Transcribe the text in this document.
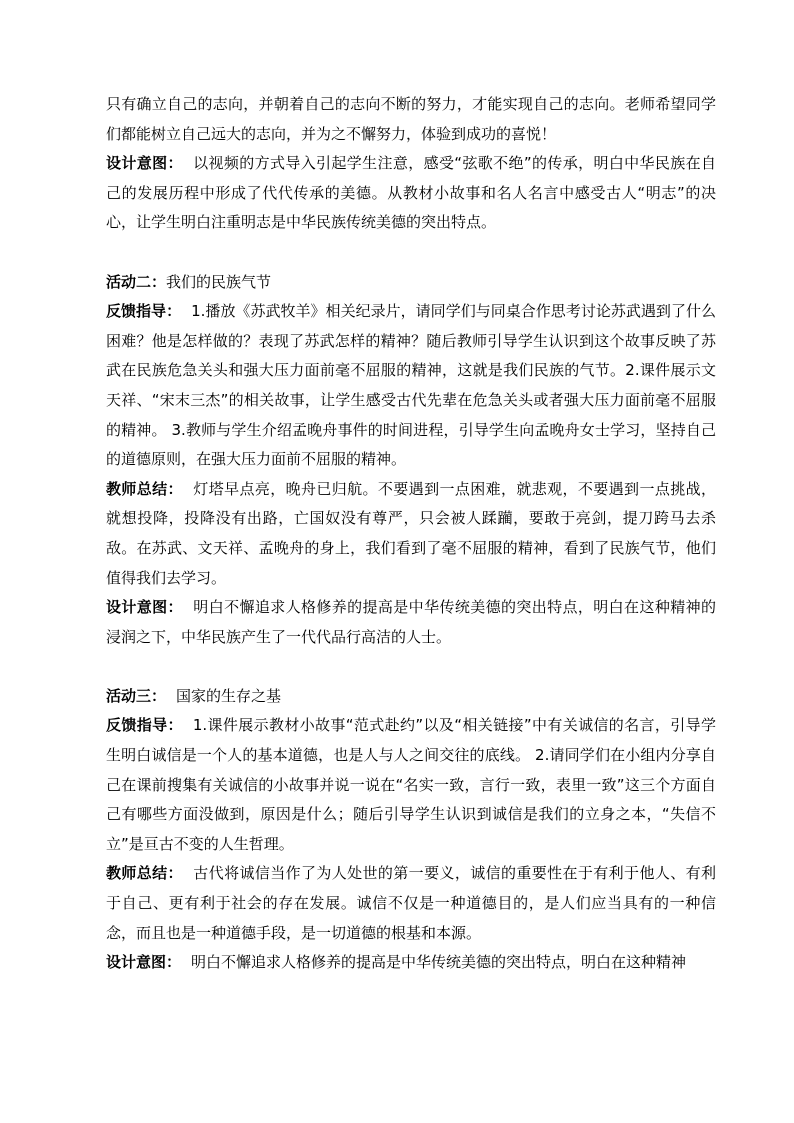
只有确立自己的志向，并朝着自己的志向不断的努力，才能实现自己的志向。老师希望同学们都能树立自己远大的志向，并为之不懈努力，体验到成功的喜悦！

设计意图： 以视频的方式导入引起学生注意，感受“弦歌不绝”的传承，明白中华民族在自己的发展历程中形成了代代传承的美德。从教材小故事和名人名言中感受古人“明志”的决心，让学生明白注重明志是中华民族传统美德的突出特点。

活动二：我们的民族气节

反馈指导： 1.播放《苏武牧羊》相关纪录片，请同学们与同桌合作思考讨论苏武遇到了什么困难？他是怎样做的？表现了苏武怎样的精神？随后教师引导学生认识到这个故事反映了苏武在民族危急关头和强大压力面前毫不屈服的精神，这就是我们民族的气节。2.课件展示文天祥、“宋末三杰”的相关故事，让学生感受古代先辈在危急关头或者强大压力面前毫不屈服的精神。 3.教师与学生介绍孟晚舟事件的时间进程，引导学生向孟晚舟女士学习，坚持自己的道德原则，在强大压力面前不屈服的精神。

教师总结： 灯塔早点亮，晚舟已归航。不要遇到一点困难，就悲观，不要遇到一点挑战，就想投降，投降没有出路，亡国奴没有尊严，只会被人蹂躏，要敢于亮剑，提刀跨马去杀敌。在苏武、文天祥、孟晚舟的身上，我们看到了毫不屈服的精神，看到了民族气节，他们值得我们去学习。

设计意图： 明白不懈追求人格修养的提高是中华传统美德的突出特点，明白在这种精神的浸润之下，中华民族产生了一代代品行高洁的人士。

活动三： 国家的生存之基

反馈指导： 1.课件展示教材小故事“范式赴约”以及“相关链接”中有关诚信的名言，引导学生明白诚信是一个人的基本道德，也是人与人之间交往的底线。 2.请同学们在小组内分享自己在课前搜集有关诚信的小故事并说一说在“名实一致，言行一致，表里一致”这三个方面自己有哪些方面没做到，原因是什么；随后引导学生认识到诚信是我们的立身之本，“失信不立”是亘古不变的人生哲理。

教师总结： 古代将诚信当作了为人处世的第一要义，诚信的重要性在于有利于他人、有利于自己、更有利于社会的存在发展。诚信不仅是一种道德目的，是人们应当具有的一种信念，而且也是一种道德手段，是一切道德的根基和本源。

设计意图： 明白不懈追求人格修养的提高是中华传统美德的突出特点，明白在这种精神
